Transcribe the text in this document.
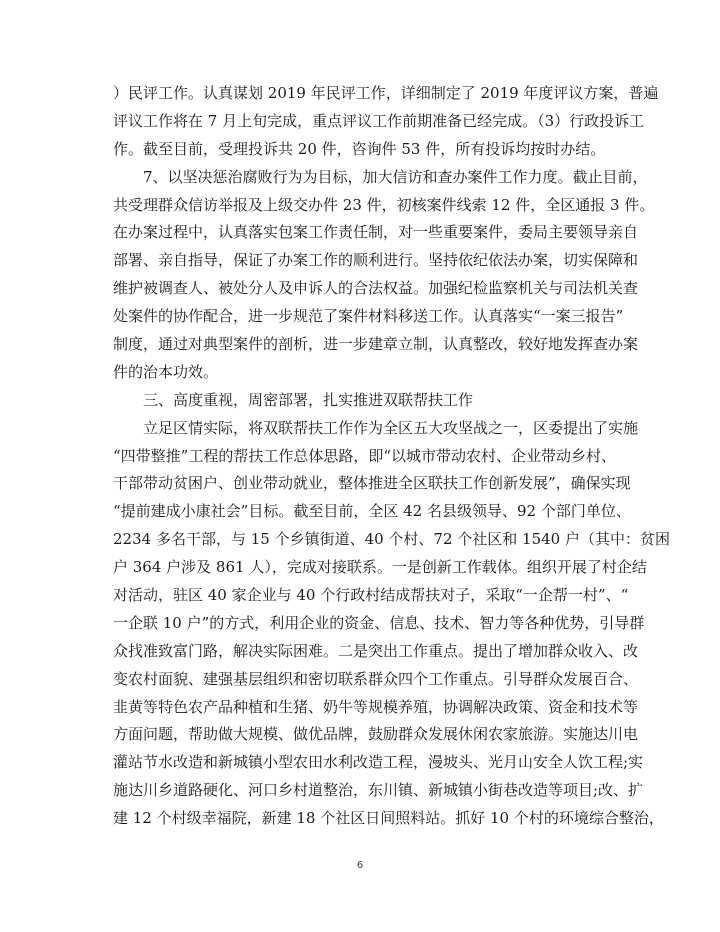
）民评工作。认真谋划 2019 年民评工作，详细制定了 2019 年度评议方案，普遍
评议工作将在 7 月上旬完成，重点评议工作前期准备已经完成。（3）行政投诉工
作。截至目前，受理投诉共 20 件，咨询件 53 件，所有投诉均按时办结。
　　7、以坚决惩治腐败行为为目标，加大信访和查办案件工作力度。截止目前，
共受理群众信访举报及上级交办件 23 件，初核案件线索 12 件，全区通报 3 件。
在办案过程中，认真落实包案工作责任制，对一些重要案件，委局主要领导亲自
部署、亲自指导，保证了办案工作的顺利进行。坚持依纪依法办案，切实保障和
维护被调查人、被处分人及申诉人的合法权益。加强纪检监察机关与司法机关查
处案件的协作配合，进一步规范了案件材料移送工作。认真落实“一案三报告”
制度，通过对典型案件的剖析，进一步建章立制，认真整改，较好地发挥查办案
件的治本功效。
　　三、高度重视，周密部署，扎实推进双联帮扶工作
　　立足区情实际，将双联帮扶工作作为全区五大攻坚战之一，区委提出了实施
“四带整推”工程的帮扶工作总体思路，即“以城市带动农村、企业带动乡村、
干部带动贫困户、创业带动就业，整体推进全区联扶工作创新发展”，确保实现
“提前建成小康社会”目标。截至目前，全区 42 名县级领导、92 个部门单位、
2234 多名干部，与 15 个乡镇街道、40 个村、72 个社区和 1540 户（其中：贫困
户 364 户涉及 861 人），完成对接联系。一是创新工作载体。组织开展了村企结
对活动，驻区 40 家企业与 40 个行政村结成帮扶对子，采取“一企帮一村”、“
一企联 10 户”的方式，利用企业的资金、信息、技术、智力等各种优势，引导群
众找准致富门路，解决实际困难。二是突出工作重点。提出了增加群众收入、改
变农村面貌、建强基层组织和密切联系群众四个工作重点。引导群众发展百合、
韭黄等特色农产品种植和生猪、奶牛等规模养殖，协调解决政策、资金和技术等
方面问题，帮助做大规模、做优品牌，鼓励群众发展休闲农家旅游。实施达川电
灌站节水改造和新城镇小型农田水利改造工程，漫坡头、光月山安全人饮工程;实
施达川乡道路硬化、河口乡村道整治，东川镇、新城镇小街巷改造等项目;改、扩
建 12 个村级幸福院，新建 18 个社区日间照料站。抓好 10 个村的环境综合整治，
6
